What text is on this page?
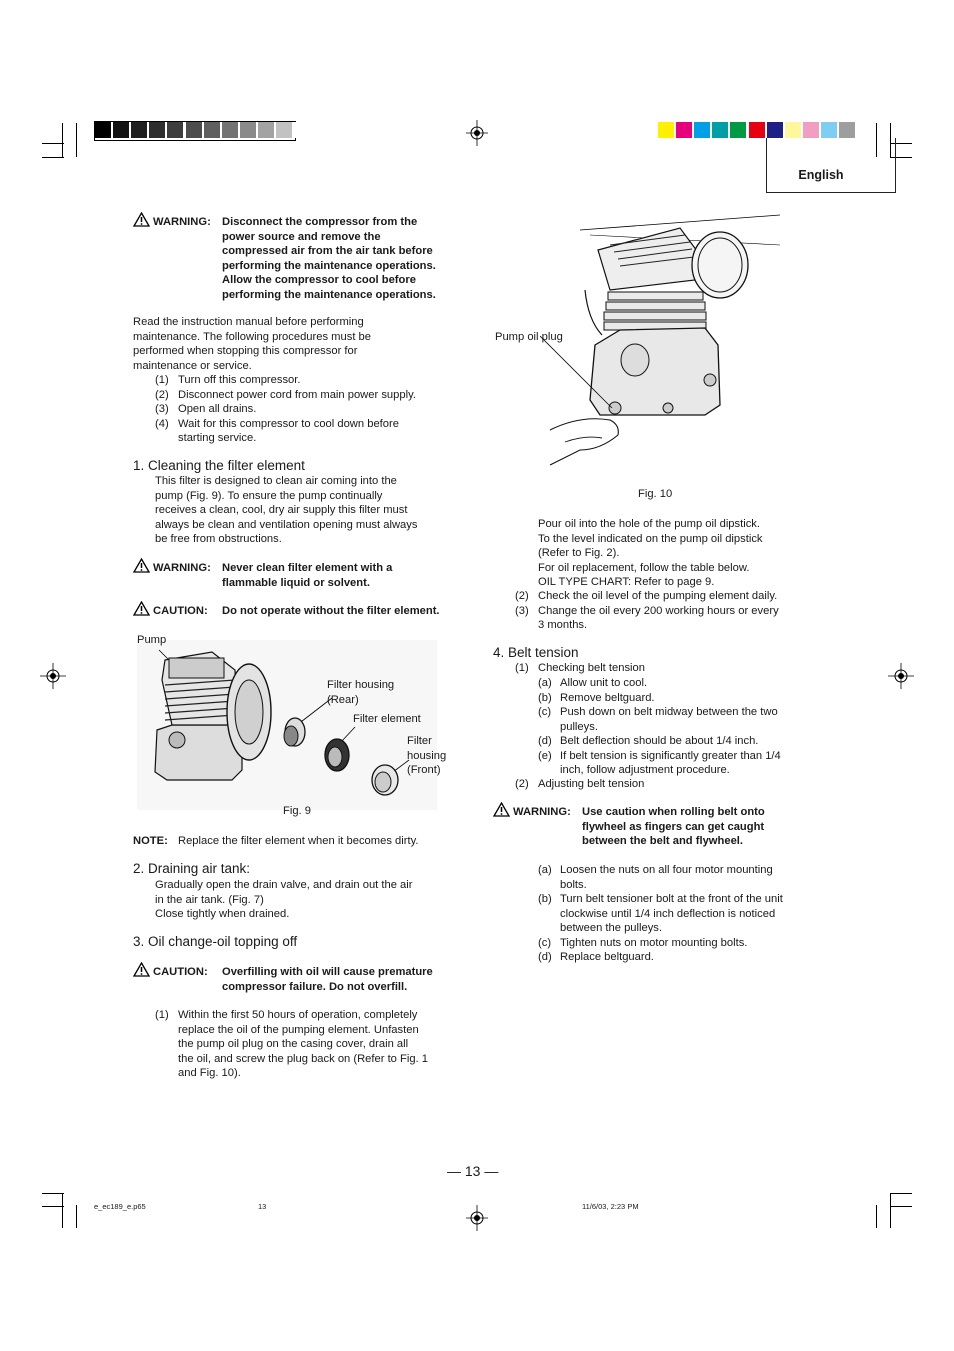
English
WARNING: Disconnect the compressor from the
power source and remove the
compressed air from the air tank before
performing the maintenance operations.
Allow the compressor to cool before
performing the maintenance operations.
Read the instruction manual before performing
maintenance. The following procedures must be
performed when stopping this compressor for
maintenance or service.
(1) Turn off this compressor.
(2) Disconnect power cord from main power supply.
(3) Open all drains.
(4) Wait for this compressor to cool down before
starting service.
1. Cleaning the filter element
This filter is designed to clean air coming into the
pump (Fig. 9). To ensure the pump continually
receives a clean, cool, dry air supply this filter must
always be clean and ventilation opening must always
be free from obstructions.
WARNING: Never clean filter element with a
flammable liquid or solvent.
CAUTION: Do not operate without the filter element.
Pump
Filter housing
(Rear)
Filter element
Filter
housing
(Front)
Fig. 9
NOTE: Replace the filter element when it becomes dirty.
2. Draining air tank:
Gradually open the drain valve, and drain out the air
in the air tank. (Fig. 7)
Close tightly when drained.
3. Oil change-oil topping off
CAUTION: Overfilling with oil will cause premature
compressor failure. Do not overfill.
(1) Within the first 50 hours of operation, completely
replace the oil of the pumping element. Unfasten
the pump oil plug on the casing cover, drain all
the oil, and screw the plug back on (Refer to Fig. 1
and Fig. 10).
Pump oil plug
Fig. 10
Pour oil into the hole of the pump oil dipstick.
To the level indicated on the pump oil dipstick
(Refer to Fig. 2).
For oil replacement, follow the table below.
OIL TYPE CHART: Refer to page 9.
(2) Check the oil level of the pumping element daily.
(3) Change the oil every 200 working hours or every
3 months.
4. Belt tension
(1) Checking belt tension
(a) Allow unit to cool.
(b) Remove beltguard.
(c) Push down on belt midway between the two
pulleys.
(d) Belt deflection should be about 1/4 inch.
(e) If belt tension is significantly greater than 1/4
inch, follow adjustment procedure.
(2) Adjusting belt tension
WARNING: Use caution when rolling belt onto
flywheel as fingers can get caught
between the belt and flywheel.
(a) Loosen the nuts on all four motor mounting
bolts.
(b) Turn belt tensioner bolt at the front of the unit
clockwise until 1/4 inch deflection is noticed
between the pulleys.
(c) Tighten nuts on motor mounting bolts.
(d) Replace beltguard.
— 13 —
e_ec189_e.p65	13	11/6/03, 2:23 PM
